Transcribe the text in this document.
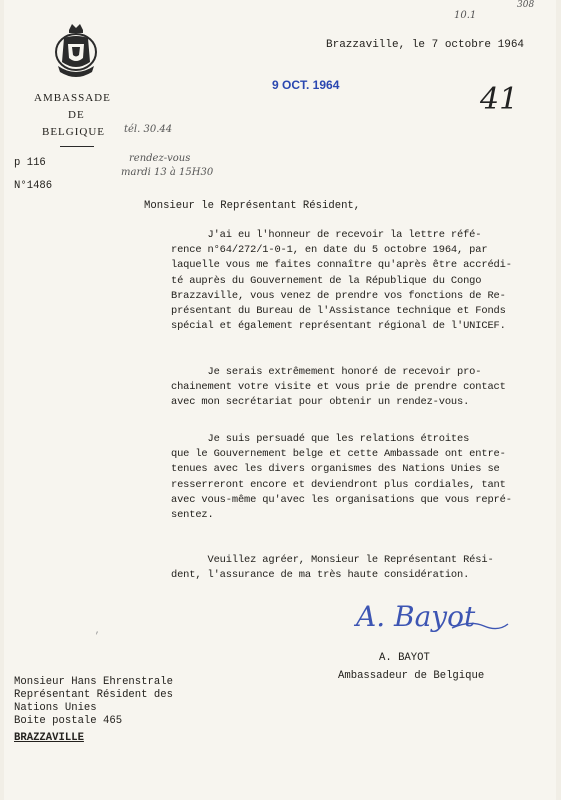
10.1
308
AMBASSADE
DE
BELGIQUE tél. 30.44
rendez-vous
mardi 13 à 15H30
p 116
N°1486
Brazzaville, le 7 octobre 1964
9 OCT. 1964	41
Monsieur le Représentant Résident,
J'ai eu l'honneur de recevoir la lettre réfé-
rence n°64/272/1-0-1, en date du 5 octobre 1964, par
laquelle vous me faites connaître qu'après être accrédi-
té auprès du Gouvernement de la République du Congo
Brazzaville, vous venez de prendre vos fonctions de Re-
présentant du Bureau de l'Assistance technique et Fonds
spécial et également représentant régional de l'UNICEF.
Je serais extrêmement honoré de recevoir pro-
chainement votre visite et vous prie de prendre contact
avec mon secrétariat pour obtenir un rendez-vous.
Je suis persuadé que les relations étroites
que le Gouvernement belge et cette Ambassade ont entre-
tenues avec les divers organismes des Nations Unies se
resserreront encore et deviendront plus cordiales, tant
avec vous-même qu'avec les organisations que vous repré-
sentez.
Veuillez agréer, Monsieur le Représentant Rési-
dent, l'assurance de ma très haute considération.
A. Bayot
A. BAYOT
Ambassadeur de Belgique
Monsieur Hans Ehrenstrale
Représentant Résident des
Nations Unies
Boite postale 465
BRAZZAVILLE
’
